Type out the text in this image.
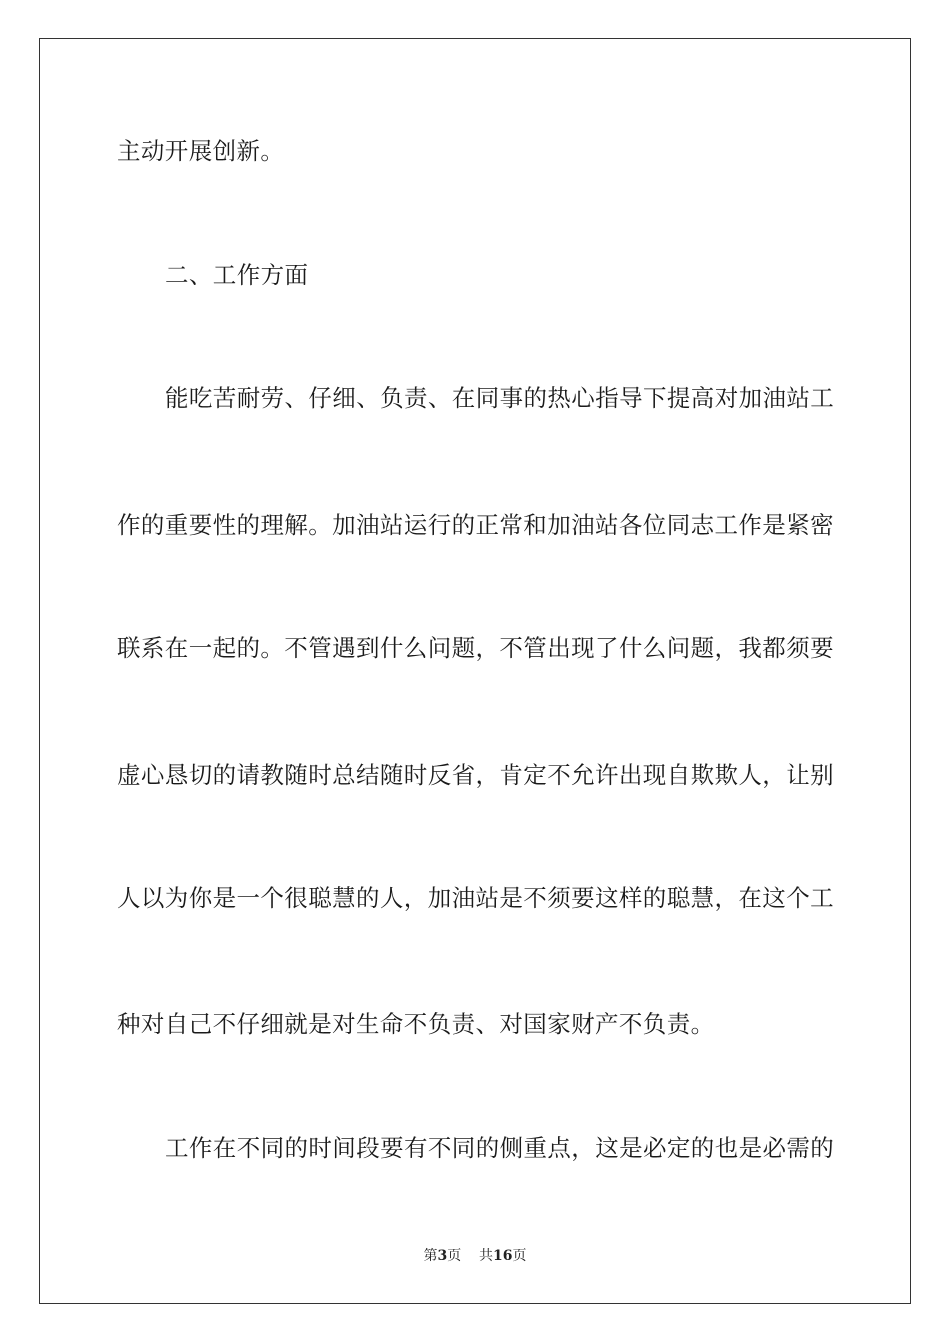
主动开展创新。
二、工作方面
能吃苦耐劳、仔细、负责、在同事的热心指导下提高对加油站工
作的重要性的理解。加油站运行的正常和加油站各位同志工作是紧密
联系在一起的。不管遇到什么问题，不管出现了什么问题，我都须要
虚心恳切的请教随时总结随时反省，肯定不允许出现自欺欺人，让别
人以为你是一个很聪慧的人，加油站是不须要这样的聪慧，在这个工
种对自己不仔细就是对生命不负责、对国家财产不负责。
工作在不同的时间段要有不同的侧重点，这是必定的也是必需的
第3页 共16页
